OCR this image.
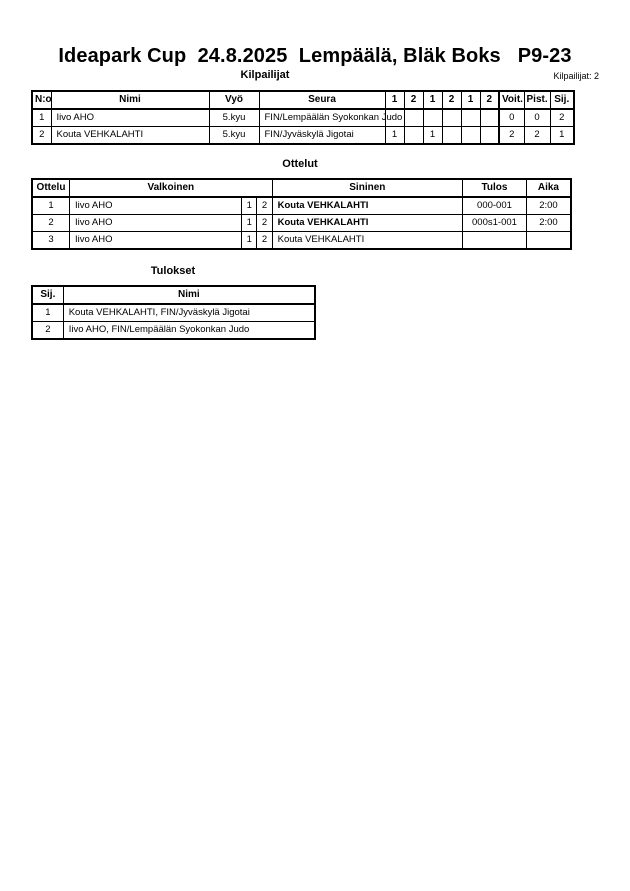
Ideapark Cup  24.8.2025  Lempäälä, Bläk Boks   P9-23
Kilpailijat	Kilpailijat: 2
N:o	Nimi	Vyö	Seura	1	2	1	2	1	2	Voit.	Pist.	Sij.
1	Iivo AHO	5.kyu	FIN/Lempäälän Syokonkan Judo							0	0	2
2	Kouta VEHKALAHTI	5.kyu	FIN/Jyväskylä Jigotai	1		1				2	2	1
Ottelut
Ottelu	Valkoinen			Sininen	Tulos	Aika
1	Iivo AHO	1	2	Kouta VEHKALAHTI	000-001	2:00
2	Iivo AHO	1	2	Kouta VEHKALAHTI	000s1-001	2:00
3	Iivo AHO	1	2	Kouta VEHKALAHTI		
Tulokset
Sij.	Nimi
1	Kouta VEHKALAHTI, FIN/Jyväskylä Jigotai
2	Iivo AHO, FIN/Lempäälän Syokonkan Judo
